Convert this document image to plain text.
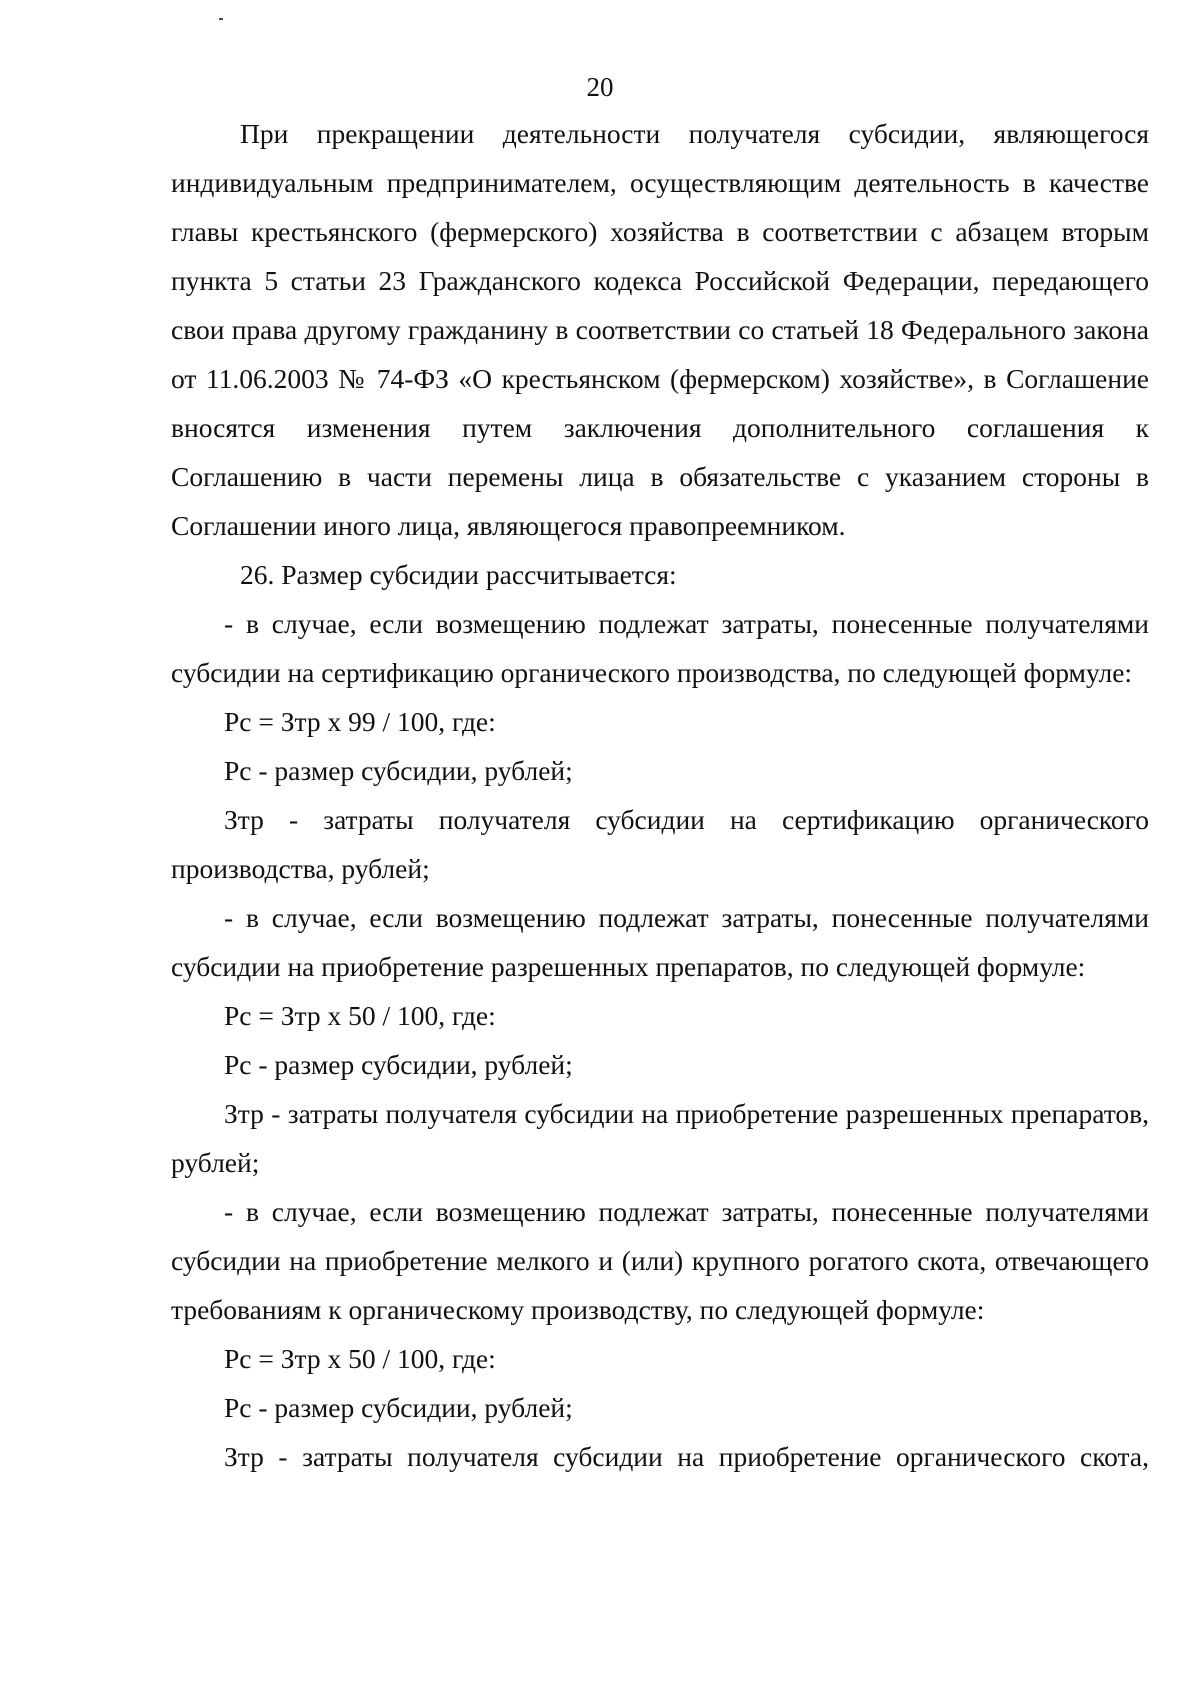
20

При прекращении деятельности получателя субсидии, являющегося индивидуальным предпринимателем, осуществляющим деятельность в качестве главы крестьянского (фермерского) хозяйства в соответствии с абзацем вторым пункта 5 статьи 23 Гражданского кодекса Российской Федерации, передающего свои права другому гражданину в соответствии со статьей 18 Федерального закона от 11.06.2003 № 74-ФЗ «О крестьянском (фермерском) хозяйстве», в Соглашение вносятся изменения путем заключения дополнительного соглашения к Соглашению в части перемены лица в обязательстве с указанием стороны в Соглашении иного лица, являющегося правопреемником.

26. Размер субсидии рассчитывается:

- в случае, если возмещению подлежат затраты, понесенные получателями субсидии на сертификацию органического производства, по следующей формуле:

Рс = Зтр х 99 / 100, где:

Рс - размер субсидии, рублей;

Зтр - затраты получателя субсидии на сертификацию органического производства, рублей;

- в случае, если возмещению подлежат затраты, понесенные получателями субсидии на приобретение разрешенных препаратов, по следующей формуле:

Рс = Зтр х 50 / 100, где:

Рс - размер субсидии, рублей;

Зтр - затраты получателя субсидии на приобретение разрешенных препаратов, рублей;

- в случае, если возмещению подлежат затраты, понесенные получателями субсидии на приобретение мелкого и (или) крупного рогатого скота, отвечающего требованиям к органическому производству, по следующей формуле:

Рс = Зтр х 50 / 100, где:

Рс - размер субсидии, рублей;

Зтр - затраты получателя субсидии на приобретение органического скота,
